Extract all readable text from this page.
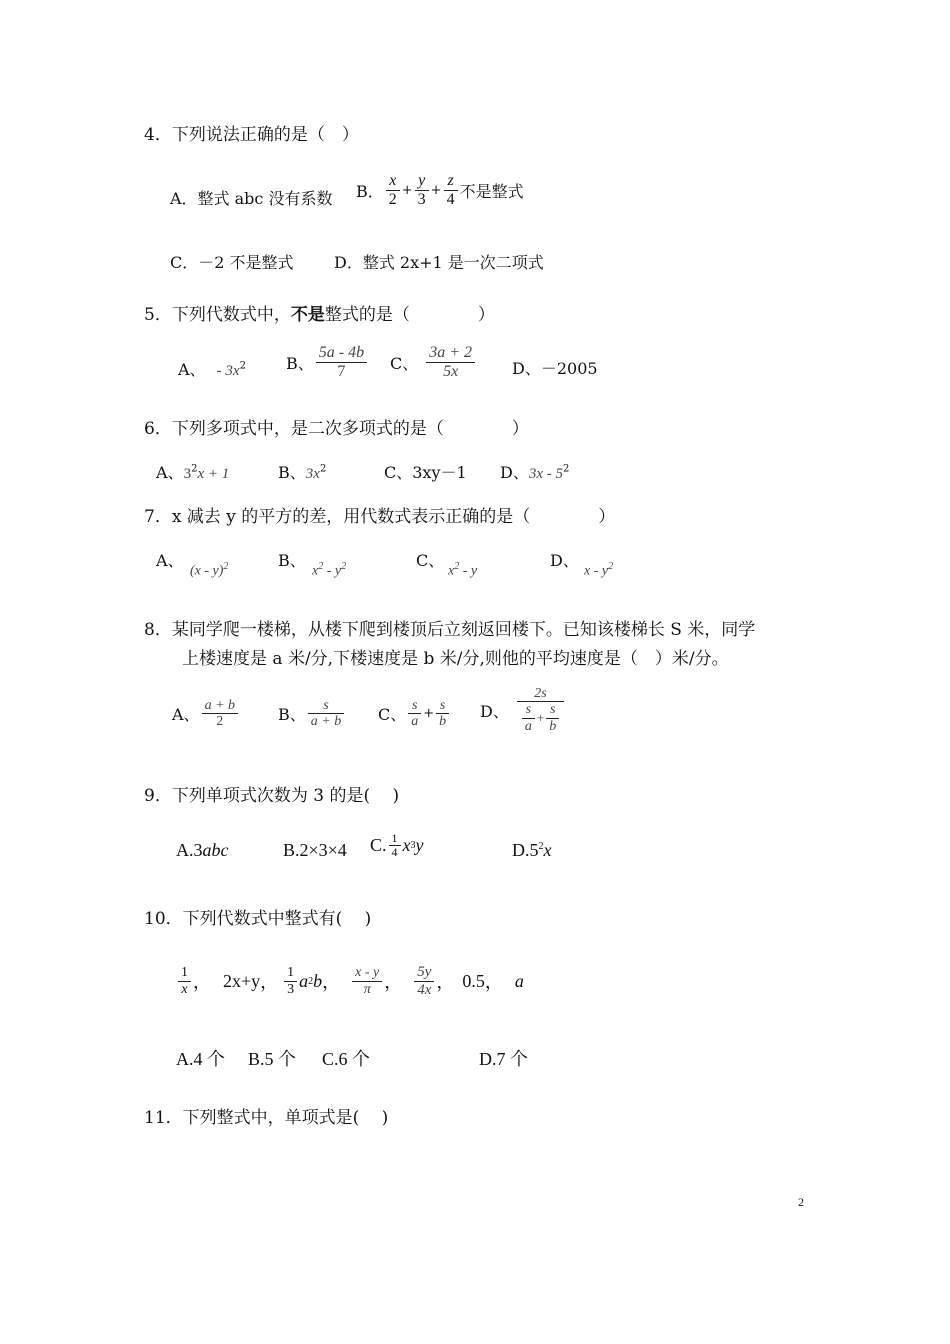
4．下列说法正确的是（　）
A．整式 abc 没有系数 B． $\frac{x}{2} + \frac{y}{3} + \frac{z}{4}$ 不是整式
C．－2 不是整式	D．整式 2x+1 是一次二项式
5．下列代数式中，不是整式的是（　　　　）
A、 - $3x^2$	B、 $\frac{5a - 4b}{7}$ C、 $\frac{3a + 2}{5x}$ D、－2005
6．下列多项式中，是二次多项式的是（　　　　）
A、$3^2x + 1$	B、$3x^2$	C、3xy－1 D、$3x - 5^2$
7．x 减去 y 的平方的差，用代数式表示正确的是（　　　　）
A、
(x - y)$^2$	B、
$x^2 - y^2$	C、
$x^2$ - y
D、
x - $y^2$
8．某同学爬一楼梯，从楼下爬到楼顶后立刻返回楼下。已知该楼梯长 S 米，同学
上楼速度是 a 米/分,下楼速度是 b 米/分,则他的平均速度是（　）米/分。
A、 $\frac{a + b}{2}$ B、 $\frac{s}{a + b}$ C、 $\frac{s}{a} + \frac{s}{b}$ D、 $\frac{2s}{\frac{s}{a} + \frac{s}{b}}$
9．下列单项式次数为 3 的是(　 )
A.3abc	B.2×3×4 C. $\frac{1}{4}$ x 3 y	$D.5^2x$
10．下列代数式中整式有(　 )
$\frac{1}{x}$ ， 2x+y ， $\frac{1}{3}$ a 2 b ， $\frac{x - y}{\pi}$ ， $\frac{5y}{4x}$ ， 0.5 ， a
A.4 个 B.5 个 C.6 个	D.7 个
11．下列整式中，单项式是(　 )
2
